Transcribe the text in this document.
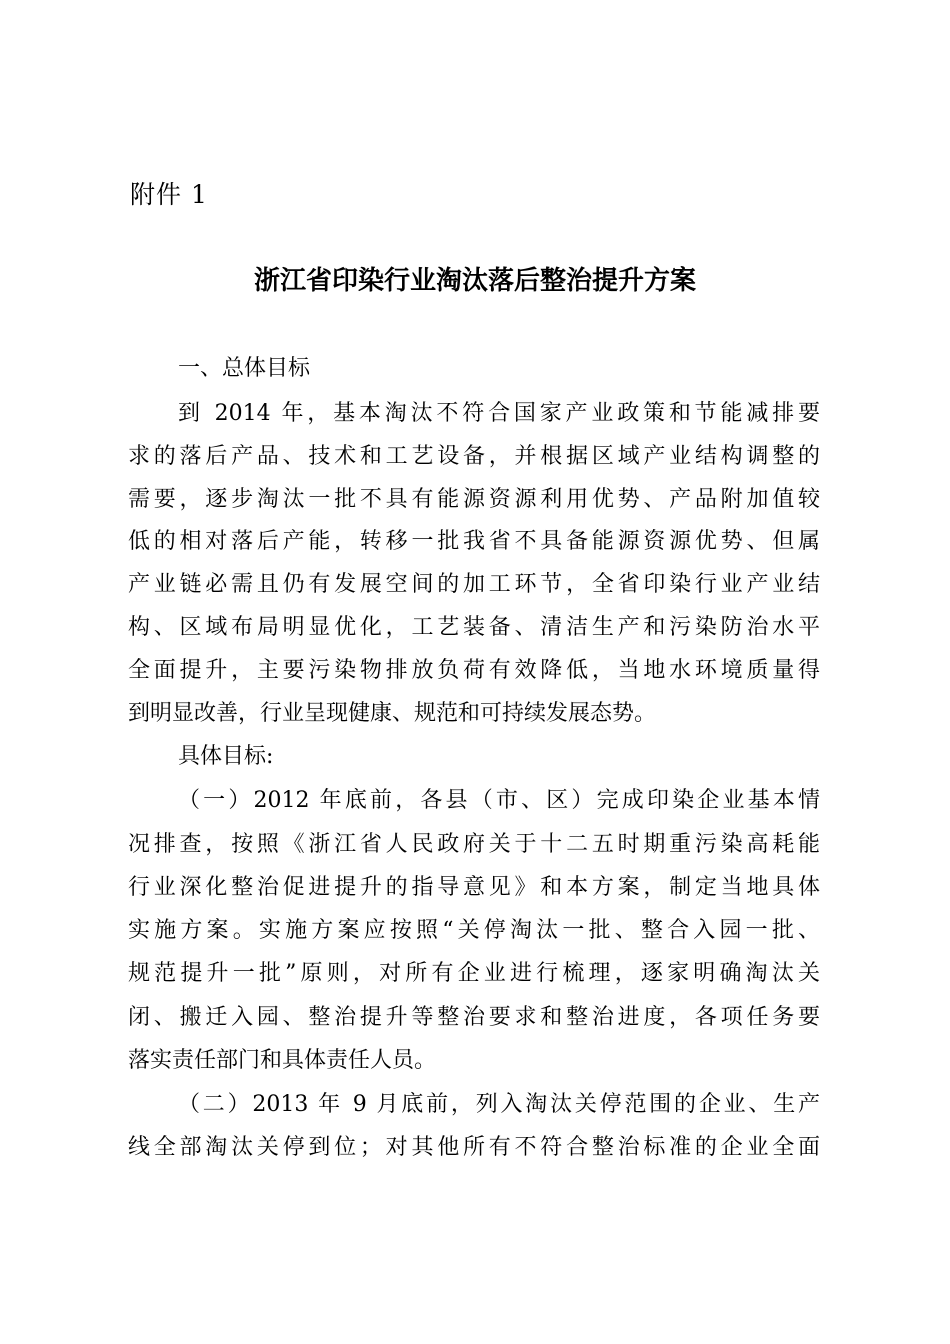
附件 1
浙江省印染行业淘汰落后整治提升方案
一、总体目标
到 2014 年，基本淘汰不符合国家产业政策和节能减排要
求的落后产品、技术和工艺设备，并根据区域产业结构调整的
需要，逐步淘汰一批不具有能源资源利用优势、产品附加值较
低的相对落后产能，转移一批我省不具备能源资源优势、但属
产业链必需且仍有发展空间的加工环节，全省印染行业产业结
构、区域布局明显优化，工艺装备、清洁生产和污染防治水平
全面提升，主要污染物排放负荷有效降低，当地水环境质量得
到明显改善，行业呈现健康、规范和可持续发展态势。
具体目标:
（一）2012 年底前，各县（市、区）完成印染企业基本情
况排查，按照《浙江省人民政府关于十二五时期重污染高耗能
行业深化整治促进提升的指导意见》和本方案，制定当地具体
实施方案。实施方案应按照“关停淘汰一批、整合入园一批、
规范提升一批”原则，对所有企业进行梳理，逐家明确淘汰关
闭、搬迁入园、整治提升等整治要求和整治进度，各项任务要
落实责任部门和具体责任人员。
（二）2013 年 9 月底前，列入淘汰关停范围的企业、生产
线全部淘汰关停到位；对其他所有不符合整治标准的企业全面
